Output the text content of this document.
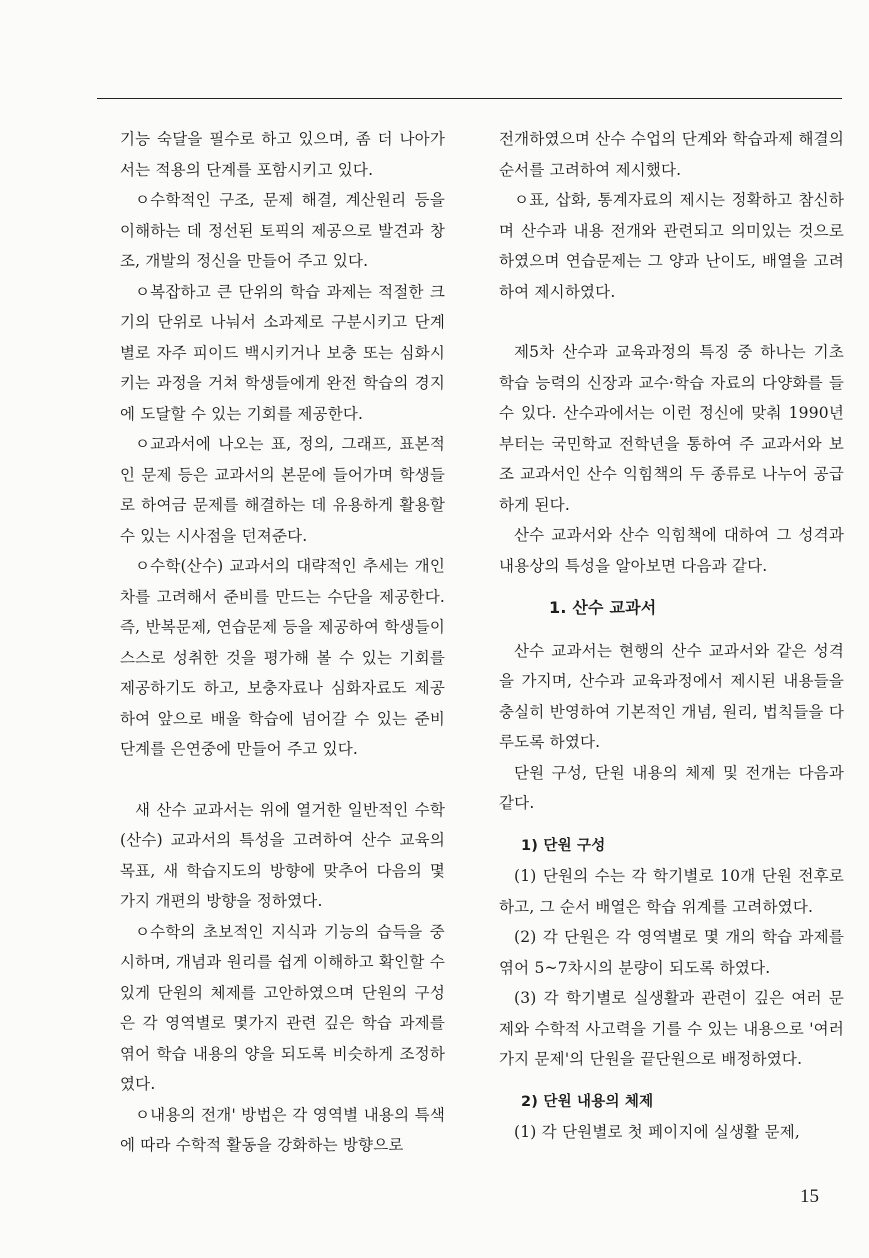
기능 숙달을 필수로 하고 있으며, 좀 더 나아가서는 적용의 단계를 포함시키고 있다.

ㅇ수학적인 구조, 문제 해결, 계산원리 등을 이해하는 데 정선된 토픽의 제공으로 발견과 창조, 개발의 정신을 만들어 주고 있다.

ㅇ복잡하고 큰 단위의 학습 과제는 적절한 크기의 단위로 나눠서 소과제로 구분시키고 단계별로 자주 피이드 백시키거나 보충 또는 심화시키는 과정을 거쳐 학생들에게 완전 학습의 경지에 도달할 수 있는 기회를 제공한다.

ㅇ교과서에 나오는 표, 정의, 그래프, 표본적인 문제 등은 교과서의 본문에 들어가며 학생들로 하여금 문제를 해결하는 데 유용하게 활용할 수 있는 시사점을 던져준다.

ㅇ수학(산수) 교과서의 대략적인 추세는 개인차를 고려해서 준비를 만드는 수단을 제공한다. 즉, 반복문제, 연습문제 등을 제공하여 학생들이 스스로 성취한 것을 평가해 볼 수 있는 기회를 제공하기도 하고, 보충자료나 심화자료도 제공하여 앞으로 배울 학습에 넘어갈 수 있는 준비 단계를 은연중에 만들어 주고 있다.

새 산수 교과서는 위에 열거한 일반적인 수학(산수) 교과서의 특성을 고려하여 산수 교육의 목표, 새 학습지도의 방향에 맞추어 다음의 몇 가지 개편의 방향을 정하였다.

ㅇ수학의 초보적인 지식과 기능의 습득을 중시하며, 개념과 원리를 쉽게 이해하고 확인할 수 있게 단원의 체제를 고안하였으며 단원의 구성은 각 영역별로 몇가지 관련 깊은 학습 과제를 엮어 학습 내용의 양을 되도록 비슷하게 조정하였다.

ㅇ내용의 전개' 방법은 각 영역별 내용의 특색에 따라 수학적 활동을 강화하는 방향으로

전개하였으며 산수 수업의 단계와 학습과제 해결의 순서를 고려하여 제시했다.

ㅇ표, 삽화, 통계자료의 제시는 정확하고 참신하며 산수과 내용 전개와 관련되고 의미있는 것으로 하였으며 연습문제는 그 양과 난이도, 배열을 고려하여 제시하였다.

제5차 산수과 교육과정의 특징 중 하나는 기초 학습 능력의 신장과 교수·학습 자료의 다양화를 들 수 있다. 산수과에서는 이런 정신에 맞춰 1990년부터는 국민학교 전학년을 통하여 주 교과서와 보조 교과서인 산수 익힘책의 두 종류로 나누어 공급하게 된다.

산수 교과서와 산수 익힘책에 대하여 그 성격과 내용상의 특성을 알아보면 다음과 같다.

1. 산수 교과서

산수 교과서는 현행의 산수 교과서와 같은 성격을 가지며, 산수과 교육과정에서 제시된 내용들을 충실히 반영하여 기본적인 개념, 원리, 법칙들을 다루도록 하였다.

단원 구성, 단원 내용의 체제 및 전개는 다음과 같다.

1) 단원 구성

(1) 단원의 수는 각 학기별로 10개 단원 전후로 하고, 그 순서 배열은 학습 위계를 고려하였다.

(2) 각 단원은 각 영역별로 몇 개의 학습 과제를 엮어 5~7차시의 분량이 되도록 하였다.

(3) 각 학기별로 실생활과 관련이 깊은 여러 문제와 수학적 사고력을 기를 수 있는 내용으로 '여러 가지 문제'의 단원을 끝단원으로 배정하였다.

2) 단원 내용의 체제

(1) 각 단원별로 첫 페이지에 실생활 문제,

15
